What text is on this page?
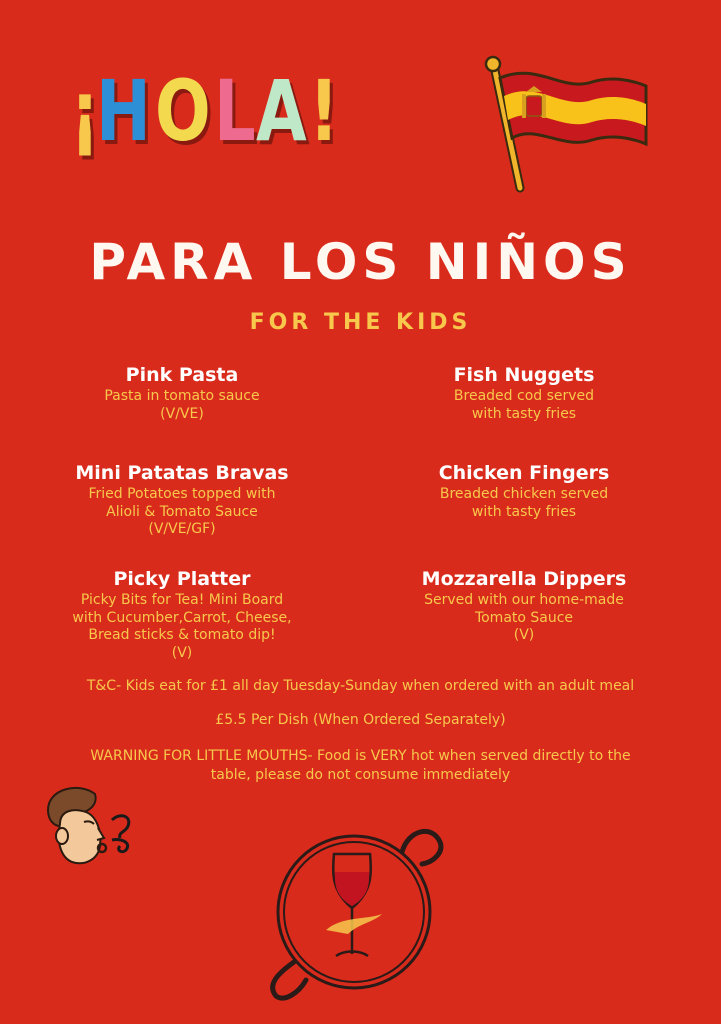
¡
H O L A !
PARA LOS NIÑOS
FOR THE KIDS
Pink Pasta
Pasta in tomato sauce
(V/VE)
Mini Patatas Bravas
Fried Potatoes topped with
Alioli & Tomato Sauce
(V/VE/GF)
Picky Platter
Picky Bits for Tea! Mini Board
with Cucumber,Carrot, Cheese,
Bread sticks & tomato dip!
(V)
Fish Nuggets
Breaded cod served
with tasty fries
Chicken Fingers
Breaded chicken served
with tasty fries
Mozzarella Dippers
Served with our home-made
Tomato Sauce
(V)
T&C- Kids eat for £1 all day Tuesday-Sunday when ordered with an adult meal
£5.5 Per Dish (When Ordered Separately)
WARNING FOR LITTLE MOUTHS- Food is VERY hot when served directly to the
table, please do not consume immediately
